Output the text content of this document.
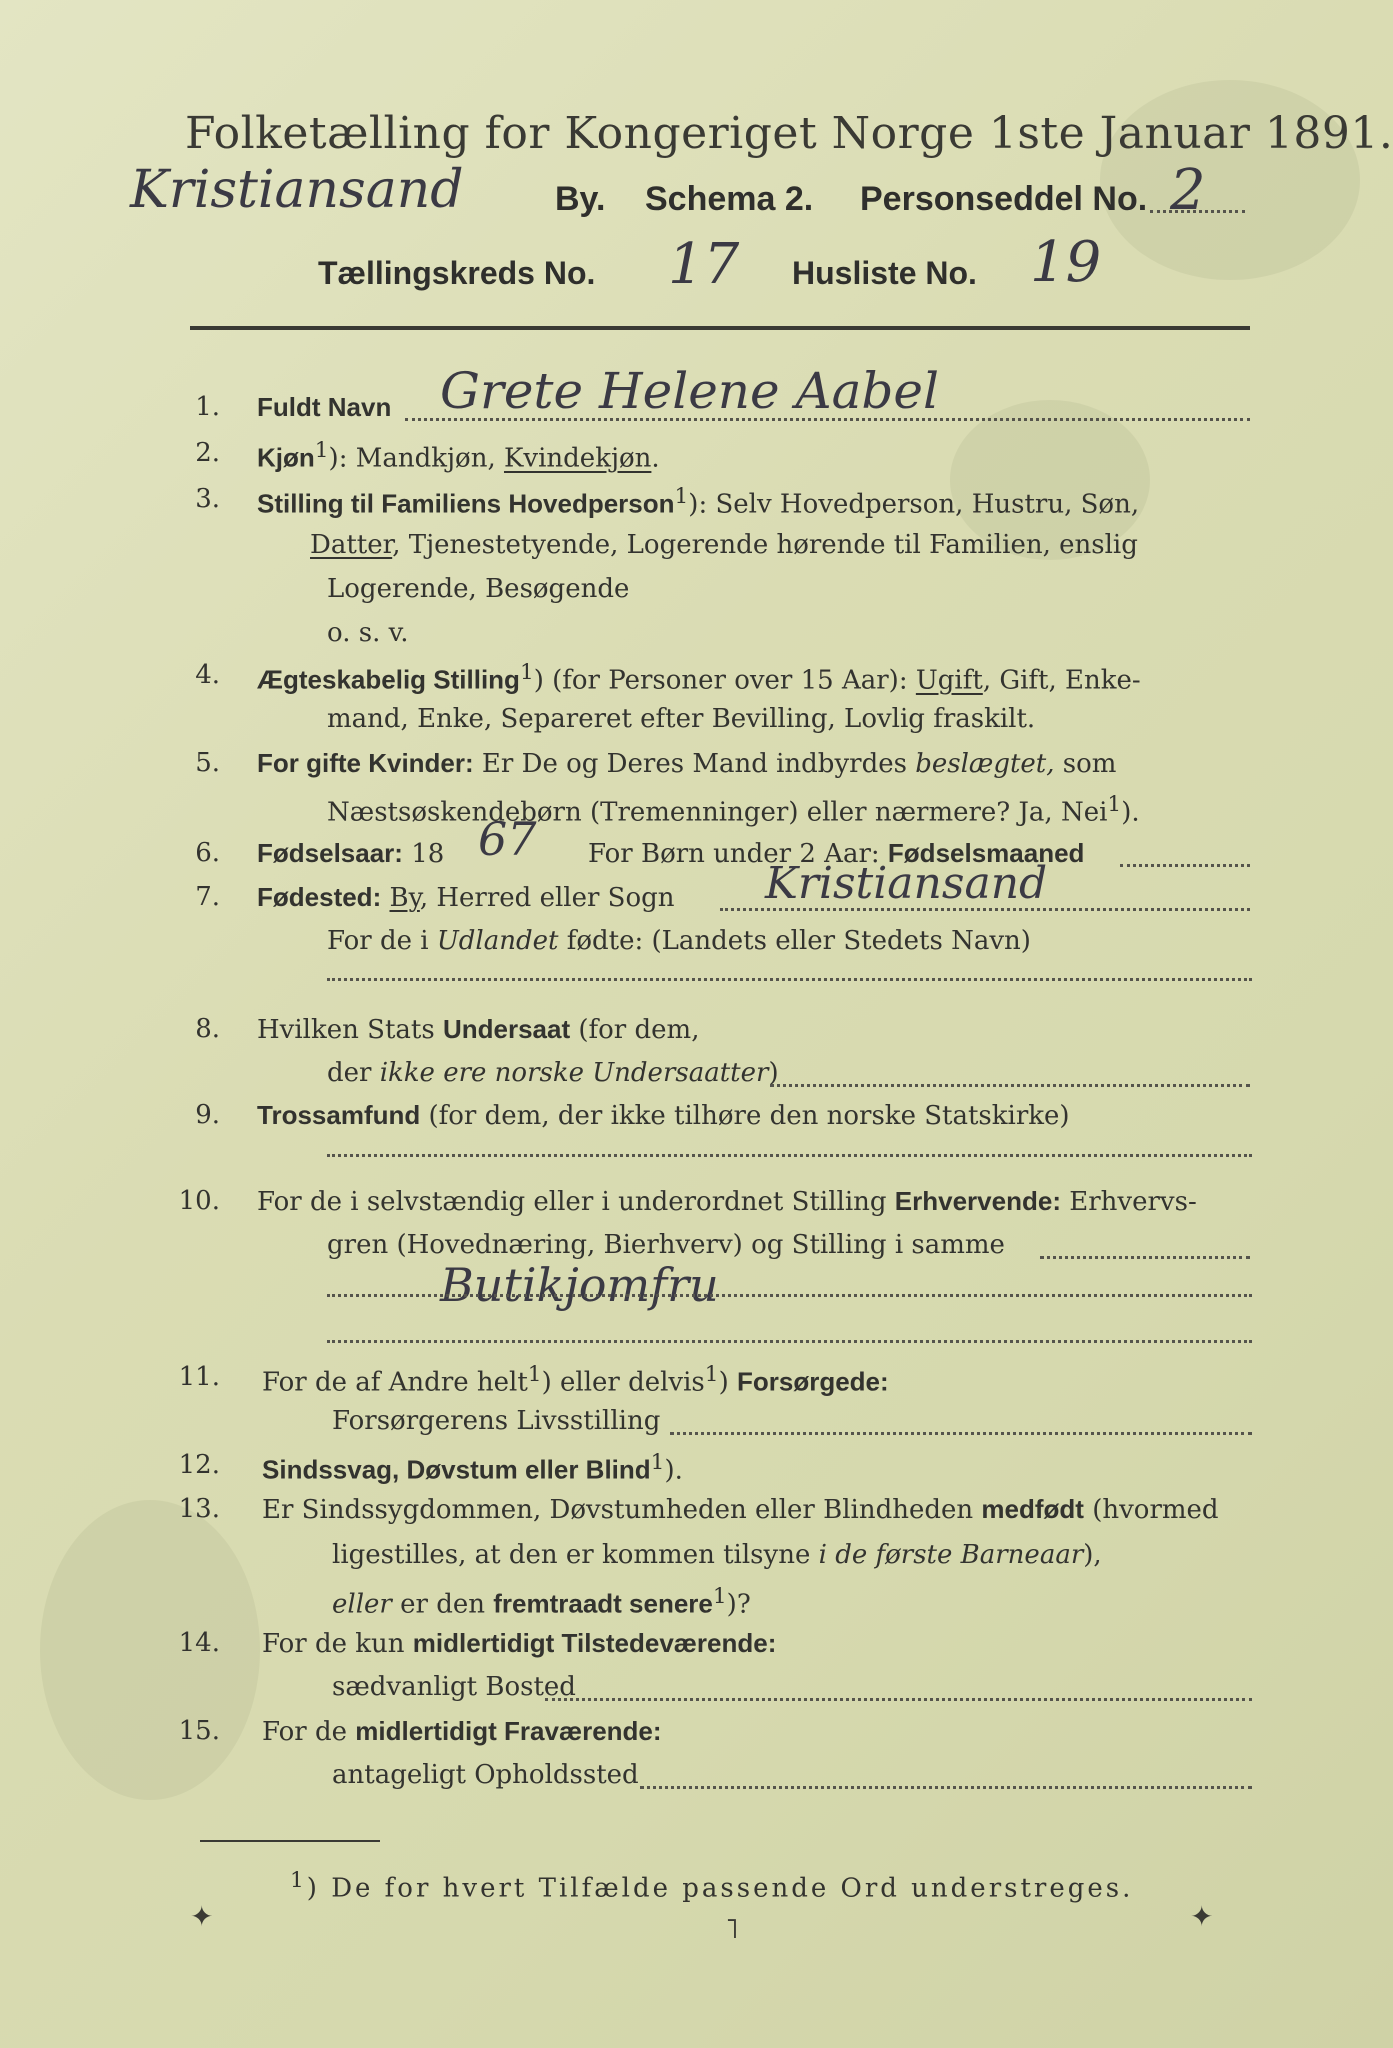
Folketælling for Kongeriget Norge 1ste Januar 1891.
Kristiansand	By. Schema 2. Personseddel No. 2
Tællingskreds No. 17 Husliste No. 19
1. Fuldt Navn Grete Helene Aabel
2. Kjøn$^1$): Mandkjøn, Kvindekjøn.
3. Stilling til Familiens Hovedperson$^1$): Selv Hovedperson, Hustru, Søn,
Datter, Tjenestetyende, Logerende hørende til Familien, enslig
Logerende, Besøgende
o. s. v.
4. Ægteskabelig Stilling$^1$) (for Personer over 15 Aar): Ugift, Gift, Enke-
mand, Enke, Separeret efter Bevilling, Lovlig fraskilt.
5. For gifte Kvinder: Er De og Deres Mand indbyrdes beslægtet, som
Næstsøskendebørn (Tremenninger) eller nærmere? Ja, Nei$^1$).
6. Fødselsaar: 18 67 For Børn under 2 Aar: Fødselsmaaned
7. Fødested: By, Herred eller Sogn Kristiansand
For de i Udlandet fødte: (Landets eller Stedets Navn)
8. Hvilken Stats Undersaat (for dem,
der ikke ere norske Undersaatter)
9. Trossamfund (for dem, der ikke tilhøre den norske Statskirke)
10. For de i selvstændig eller i underordnet Stilling Erhvervende: Erhvervs-
gren (Hovednæring, Bierhverv) og Stilling i samme
Butikjomfru
11. For de af Andre helt$^1$) eller delvis$^1$) Forsørgede:
Forsørgerens Livsstilling
12. Sindssvag, Døvstum eller Blind$^1$).
13. Er Sindssygdommen, Døvstumheden eller Blindheden medfødt (hvormed
ligestilles, at den er kommen tilsyne i de første Barneaar),
eller er den fremtraadt senere$^1$)?
14. For de kun midlertidigt Tilstedeværende:
sædvanligt Bosted
15. For de midlertidigt Fraværende:
antageligt Opholdssted
$^1$) De for hvert Tilfælde passende Ord understreges.
✦	˥	✦
